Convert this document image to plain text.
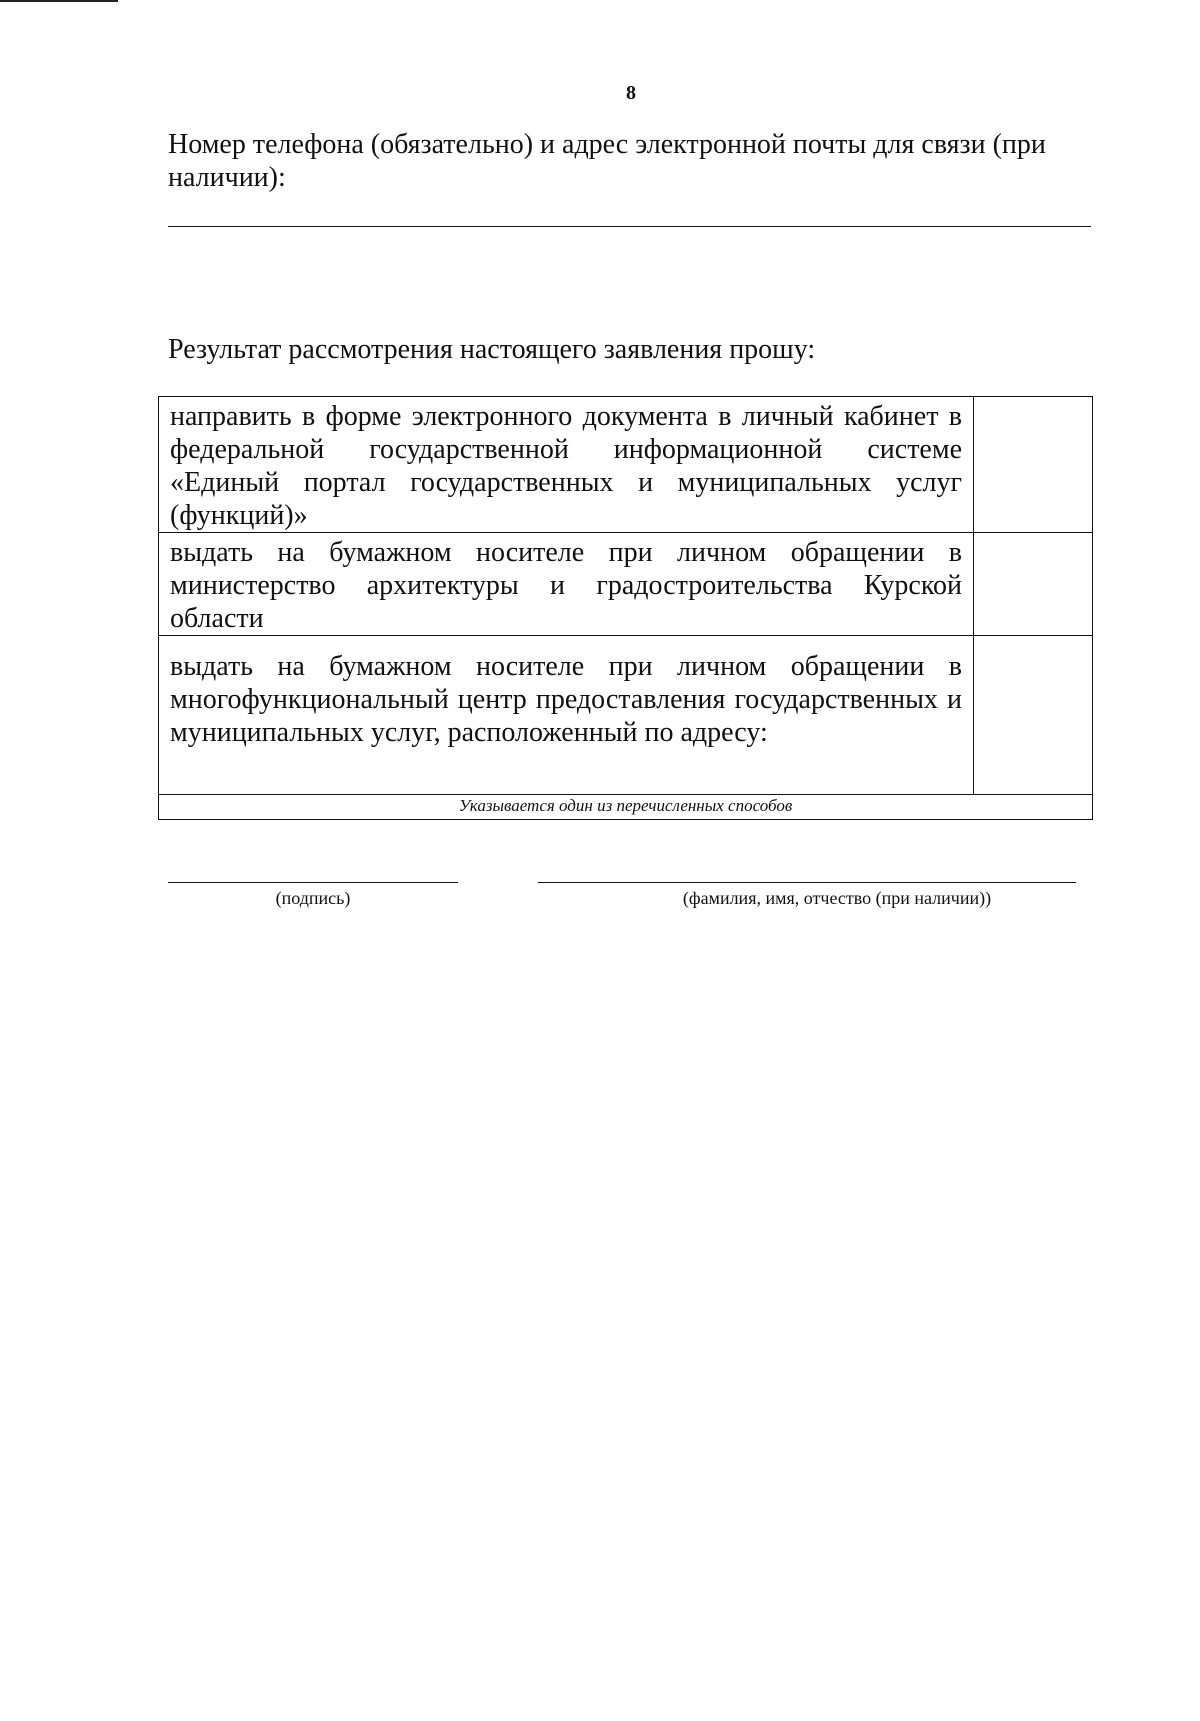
8
Номер телефона (обязательно) и адрес электронной почты для связи (при наличии):
Результат рассмотрения настоящего заявления прошу:
направить в форме электронного документа в личный кабинет в федеральной государственной информационной системе «Единый портал государственных и муниципальных услуг (функций)»	
выдать на бумажном носителе при личном обращении в министерство архитектуры и градостроительства Курской области	
выдать на бумажном носителе при личном обращении в многофункциональный центр предоставления государственных и муниципальных услуг, расположенный по адресу:	
Указывается один из перечисленных способов	
(подпись)	(фамилия, имя, отчество (при наличии))
